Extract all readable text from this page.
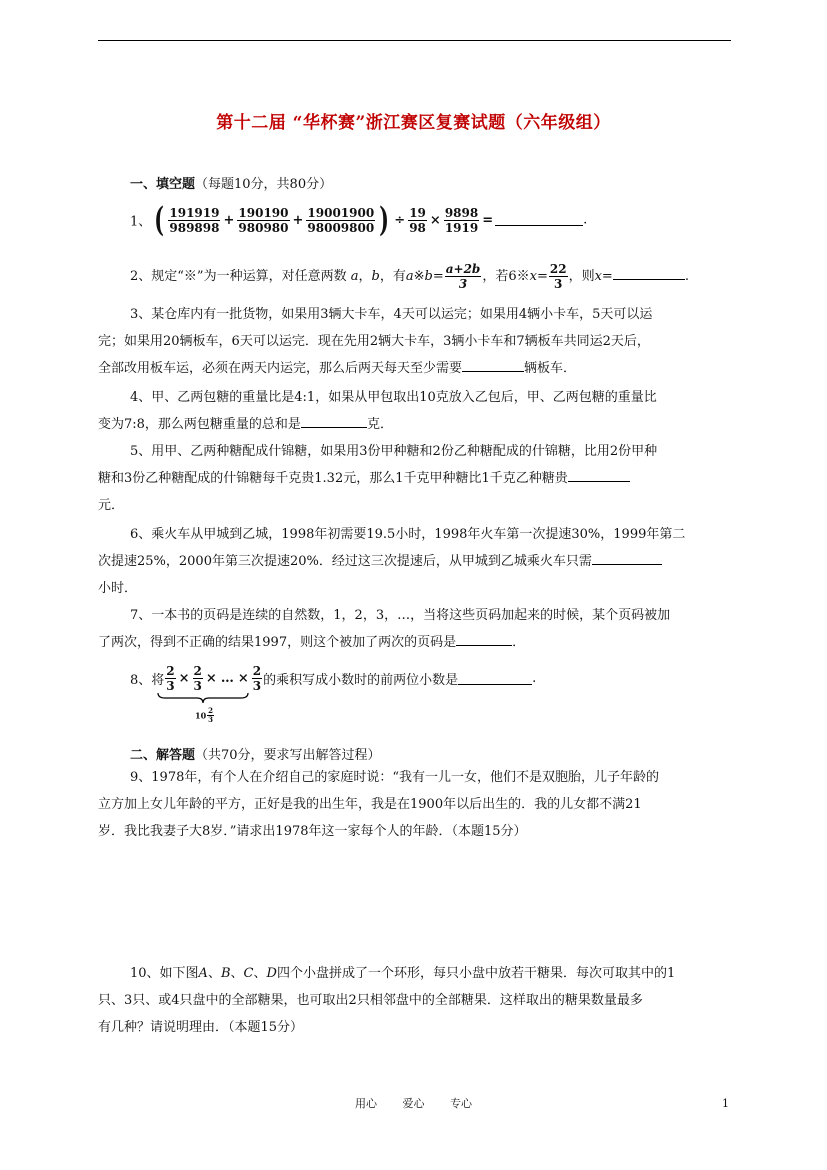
第十二届 “华杯赛”浙江赛区复赛试题（六年级组）
一、填空题（每题10分，共80分）
1、( $\frac{191919}{989898} + \frac{190190}{980980} + \frac{19001900}{98009800}$ ) ÷ $\frac{19}{98} \times \frac{9898}{1919}$ =	.
2、规定“※”为一种运算，对任意两数 a，b，有a※b= $\frac{a+2b}{3}$ ，若6※x= $\frac{22}{3}$ ，则x=	.
3、某仓库内有一批货物，如果用3辆大卡车，4天可以运完；如果用4辆小卡车，5天可以运
完；如果用20辆板车，6天可以运完．现在先用2辆大卡车，3辆小卡车和7辆板车共同运2天后，
全部改用板车运，必须在两天内运完，那么后两天每天至少需要	辆板车．
4、甲、乙两包糖的重量比是4:1，如果从甲包取出10克放入乙包后，甲、乙两包糖的重量比
变为7:8，那么两包糖重量的总和是	克．
5、用甲、乙两种糖配成什锦糖，如果用3份甲种糖和2份乙种糖配成的什锦糖，比用2份甲种
糖和3份乙种糖配成的什锦糖每千克贵1.32元，那么1千克甲种糖比1千克乙种糖贵
元．
6、乘火车从甲城到乙城，1998年初需要19.5小时，1998年火车第一次提速30%，1999年第二
次提速25%，2000年第三次提速20%．经过这三次提速后，从甲城到乙城乘火车只需
小时．
7、一本书的页码是连续的自然数，1，2，3，…，当将这些页码加起来的时候，某个页码被加
了两次，得到不正确的结果1997，则这个被加了两次的页码是	．
8、将 $\frac{2}{3} \times \frac{2}{3}$ × … × $\frac{2}{3}$ 的乘积写成小数时的前两位小数是	.
$10 \frac{2}{3}$
二、解答题（共70分，要求写出解答过程）
9、1978年，有个人在介绍自己的家庭时说：“我有一儿一女，他们不是双胞胎，儿子年龄的
立方加上女儿年龄的平方，正好是我的出生年，我是在1900年以后出生的．我的儿女都不满21
岁．我比我妻子大8岁．”请求出1978年这一家每个人的年龄．（本题15分）
10、如下图A、B、C、D四个小盘拼成了一个环形，每只小盘中放若干糖果．每次可取其中的1
只、3只、或4只盘中的全部糖果，也可取出2只相邻盘中的全部糖果．这样取出的糖果数量最多
有几种？请说明理由．（本题15分）
用心 爱心 专心	1
